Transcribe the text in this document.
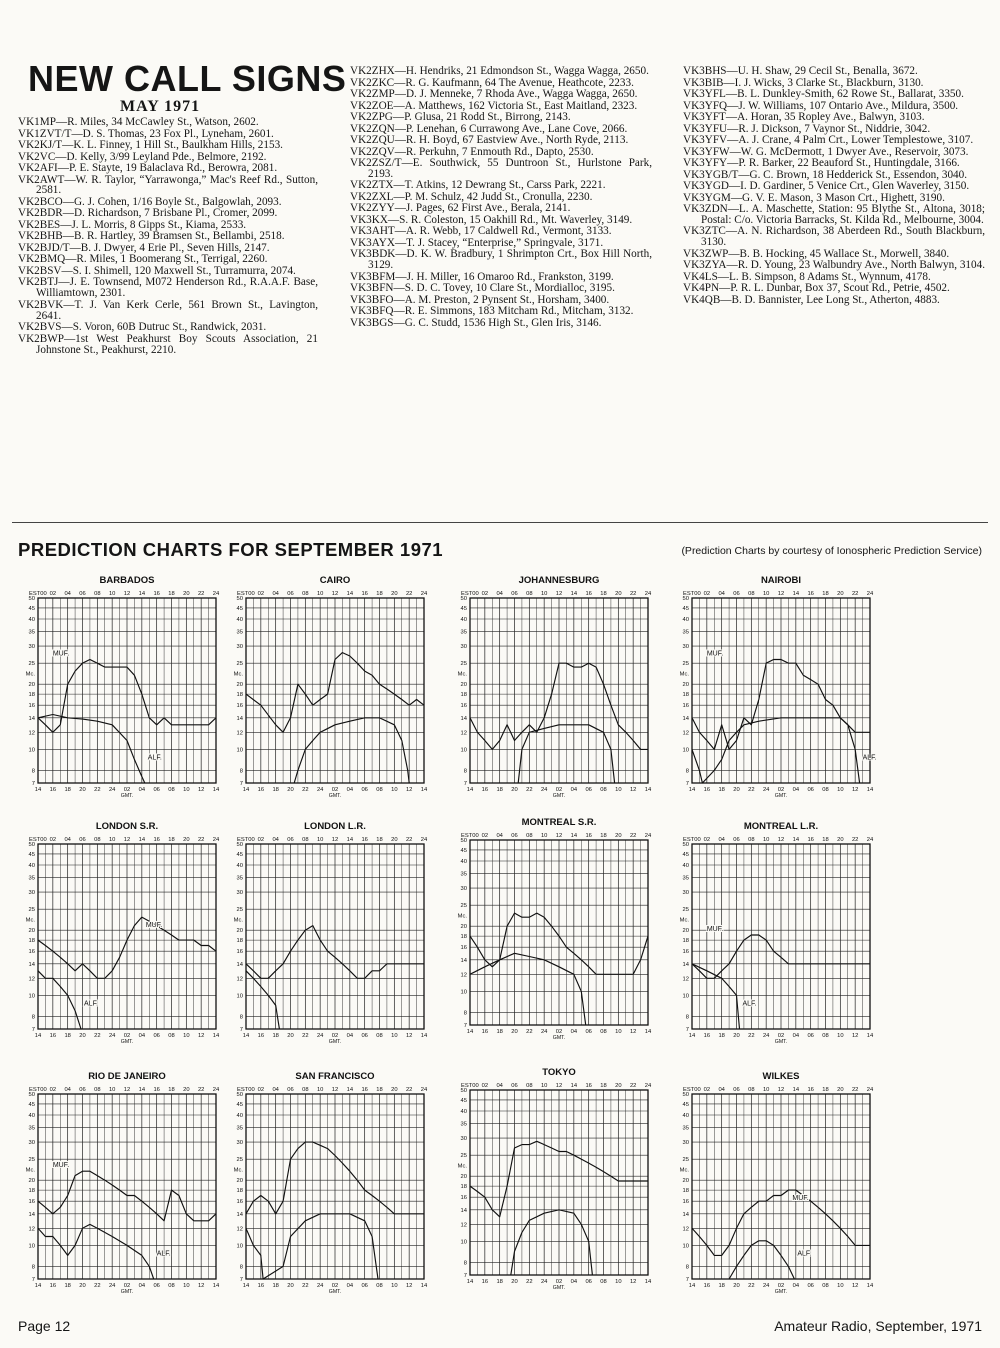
NEW CALL SIGNS
MAY 1971

VK1MP—R. Miles, 34 McCawley St., Watson, 2602.

VK1ZVT/T—D. S. Thomas, 23 Fox Pl., Lyneham, 2601.

VK2KJ/T—K. L. Finney, 1 Hill St., Baulkham Hills, 2153.

VK2VC—D. Kelly, 3/99 Leyland Pde., Belmore, 2192.

VK2AFI—P. E. Stayte, 19 Balaclava Rd., Berowra, 2081.

VK2AWT—W. R. Taylor, “Yarrawonga,” Mac's Reef Rd., Sutton, 2581.

VK2BCO—G. J. Cohen, 1/16 Boyle St., Balgowlah, 2093.

VK2BDR—D. Richardson, 7 Brisbane Pl., Cromer, 2099.

VK2BES—J. L. Morris, 8 Gipps St., Kiama, 2533.

VK2BHB—B. R. Hartley, 39 Bramsen St., Bellambi, 2518.

VK2BJD/T—B. J. Dwyer, 4 Erie Pl., Seven Hills, 2147.

VK2BMQ—R. Miles, 1 Boomerang St., Terrigal, 2260.

VK2BSV—S. I. Shimell, 120 Maxwell St., Turramurra, 2074.

VK2BTJ—J. E. Townsend, M072 Henderson Rd., R.A.A.F. Base, Williamtown, 2301.

VK2BVK—T. J. Van Kerk Cerle, 561 Brown St., Lavington, 2641.

VK2BVS—S. Voron, 60B Dutruc St., Randwick, 2031.

VK2BWP—1st West Peakhurst Boy Scouts Association, 21 Johnstone St., Peakhurst, 2210.

VK2ZHX—H. Hendriks, 21 Edmondson St., Wagga Wagga, 2650.

VK2ZKC—R. G. Kaufmann, 64 The Avenue, Heathcote, 2233.

VK2ZMP—D. J. Menneke, 7 Rhoda Ave., Wagga Wagga, 2650.

VK2ZOE—A. Matthews, 162 Victoria St., East Maitland, 2323.

VK2ZPG—P. Glusa, 21 Rodd St., Birrong, 2143.

VK2ZQN—P. Lenehan, 6 Currawong Ave., Lane Cove, 2066.

VK2ZQU—R. H. Boyd, 67 Eastview Ave., North Ryde, 2113.

VK2ZQV—R. Perkuhn, 7 Enmouth Rd., Dapto, 2530.

VK2ZSZ/T—E. Southwick, 55 Duntroon St., Hurlstone Park, 2193.

VK2ZTX—T. Atkins, 12 Dewrang St., Carss Park, 2221.

VK2ZXL—P. M. Schulz, 42 Judd St., Cronulla, 2230.

VK2ZYY—J. Pages, 62 First Ave., Berala, 2141.

VK3KX—S. R. Coleston, 15 Oakhill Rd., Mt. Waverley, 3149.

VK3AHT—A. R. Webb, 17 Caldwell Rd., Vermont, 3133.

VK3AYX—T. J. Stacey, “Enterprise,” Springvale, 3171.

VK3BDK—D. K. W. Bradbury, 1 Shrimpton Crt., Box Hill North, 3129.

VK3BFM—J. H. Miller, 16 Omaroo Rd., Frankston, 3199.

VK3BFN—S. D. C. Tovey, 10 Clare St., Mordialloc, 3195.

VK3BFO—A. M. Preston, 2 Pynsent St., Horsham, 3400.

VK3BFQ—R. E. Simmons, 183 Mitcham Rd., Mitcham, 3132.

VK3BGS—G. C. Studd, 1536 High St., Glen Iris, 3146.

VK3BHS—U. H. Shaw, 29 Cecil St., Benalla, 3672.

VK3BIB—I. J. Wicks, 3 Clarke St., Blackburn, 3130.

VK3YFL—B. L. Dunkley-Smith, 62 Rowe St., Ballarat, 3350.

VK3YFQ—J. W. Williams, 107 Ontario Ave., Mildura, 3500.

VK3YFT—A. Horan, 35 Ropley Ave., Balwyn, 3103.

VK3YFU—R. J. Dickson, 7 Vaynor St., Niddrie, 3042.

VK3YFV—A. J. Crane, 4 Palm Crt., Lower Templestowe, 3107.

VK3YFW—W. G. McDermott, 1 Dwyer Ave., Reservoir, 3073.

VK3YFY—P. R. Barker, 22 Beauford St., Huntingdale, 3166.

VK3YGB/T—G. C. Brown, 18 Hedderick St., Essendon, 3040.

VK3YGD—I. D. Gardiner, 5 Venice Crt., Glen Waverley, 3150.

VK3YGM—G. V. E. Mason, 3 Mason Crt., Highett, 3190.

VK3ZDN—L. A. Maschette, Station: 95 Blythe St., Altona, 3018; Postal: C/o. Victoria Barracks, St. Kilda Rd., Melbourne, 3004.

VK3ZTC—A. N. Richardson, 38 Aberdeen Rd., South Blackburn, 3130.

VK3ZWP—B. B. Hocking, 45 Wallace St., Morwell, 3840.

VK3ZYA—R. D. Young, 23 Walbundry Ave., North Balwyn, 3104.

VK4LS—L. B. Simpson, 8 Adams St., Wynnum, 4178.

VK4PN—P. R. L. Dunbar, Box 37, Scout Rd., Petrie, 4502.

VK4QB—B. D. Bannister, Lee Long St., Atherton, 4883.

PREDICTION CHARTS FOR SEPTEMBER 1971	(Prediction Charts by courtesy of Ionospheric Prediction Service)
BARBADOS
EST00 02 04 06 08 10 12 14 16 18 20 22 24
50
45
40
35
30
25
20
18
16
14
12
10
8
7
Mc.
14 16 18 20 22 24 02 04 06 08 10 12 14
GMT.
MUF.
ALF.
CAIRO
EST00 02 04 06 08 10 12 14 16 18 20 22 24
50
45
40
35
30
25
20
18
16
14
12
10
8
7
Mc.
14 16 18 20 22 24 02 04 06 08 10 12 14
GMT.
JOHANNESBURG
EST00 02 04 06 08 10 12 14 16 18 20 22 24
50
45
40
35
30
25
20
18
16
14
12
10
8
7
Mc.
14 16 18 20 22 24 02 04 06 08 10 12 14
GMT.
NAIROBI
EST00 02 04 06 08 10 12 14 16 18 20 22 24
50
45
40
35
30
25
20
18
16
14
12
10
8
7
Mc.
14 16 18 20 22 24 02 04 06 08 10 12 14
GMT.
MUF.
ALF.
LONDON S.R.
EST00 02 04 06 08 10 12 14 16 18 20 22 24
50
45
40
35
30
25
20
18
16
14
12
10
8
7
Mc.
14 16 18 20 22 24 02 04 06 08 10 12 14
GMT.
MUF.
ALF.
LONDON L.R.
EST00 02 04 06 08 10 12 14 16 18 20 22 24
50
45
40
35
30
25
20
18
16
14
12
10
8
7
Mc.
14 16 18 20 22 24 02 04 06 08 10 12 14
GMT.
MONTREAL S.R.
EST00 02 04 06 08 10 12 14 16 18 20 22 24
50
45
40
35
30
25
20
18
16
14
12
10
8
7
Mc.
14 16 18 20 22 24 02 04 06 08 10 12 14
GMT.
MONTREAL L.R.
EST00 02 04 06 08 10 12 14 16 18 20 22 24
50
45
40
35
30
25
20
18
16
14
12
10
8
7
Mc.
14 16 18 20 22 24 02 04 06 08 10 12 14
GMT.
MUF.
ALF.
RIO DE JANEIRO
EST00 02 04 06 08 10 12 14 16 18 20 22 24
50
45
40
35
30
25
20
18
16
14
12
10
8
7
Mc.
14 16 18 20 22 24 02 04 06 08 10 12 14
GMT.
MUF.
ALF.
SAN FRANCISCO
EST00 02 04 06 08 10 12 14 16 18 20 22 24
50
45
40
35
30
25
20
18
16
14
12
10
8
7
Mc.
14 16 18 20 22 24 02 04 06 08 10 12 14
GMT.
TOKYO
EST00 02 04 06 08 10 12 14 16 18 20 22 24
50
45
40
35
30
25
20
18
16
14
12
10
8
7
Mc.
14 16 18 20 22 24 02 04 06 08 10 12 14
GMT.
WILKES
EST00 02 04 06 08 10 12 14 16 18 20 22 24
50
45
40
35
30
25
20
18
16
14
12
10
8
7
Mc.
14 16 18 20 22 24 02 04 06 08 10 12 14
GMT.
MUF.
ALF.
Page 12	Amateur Radio, September, 1971
